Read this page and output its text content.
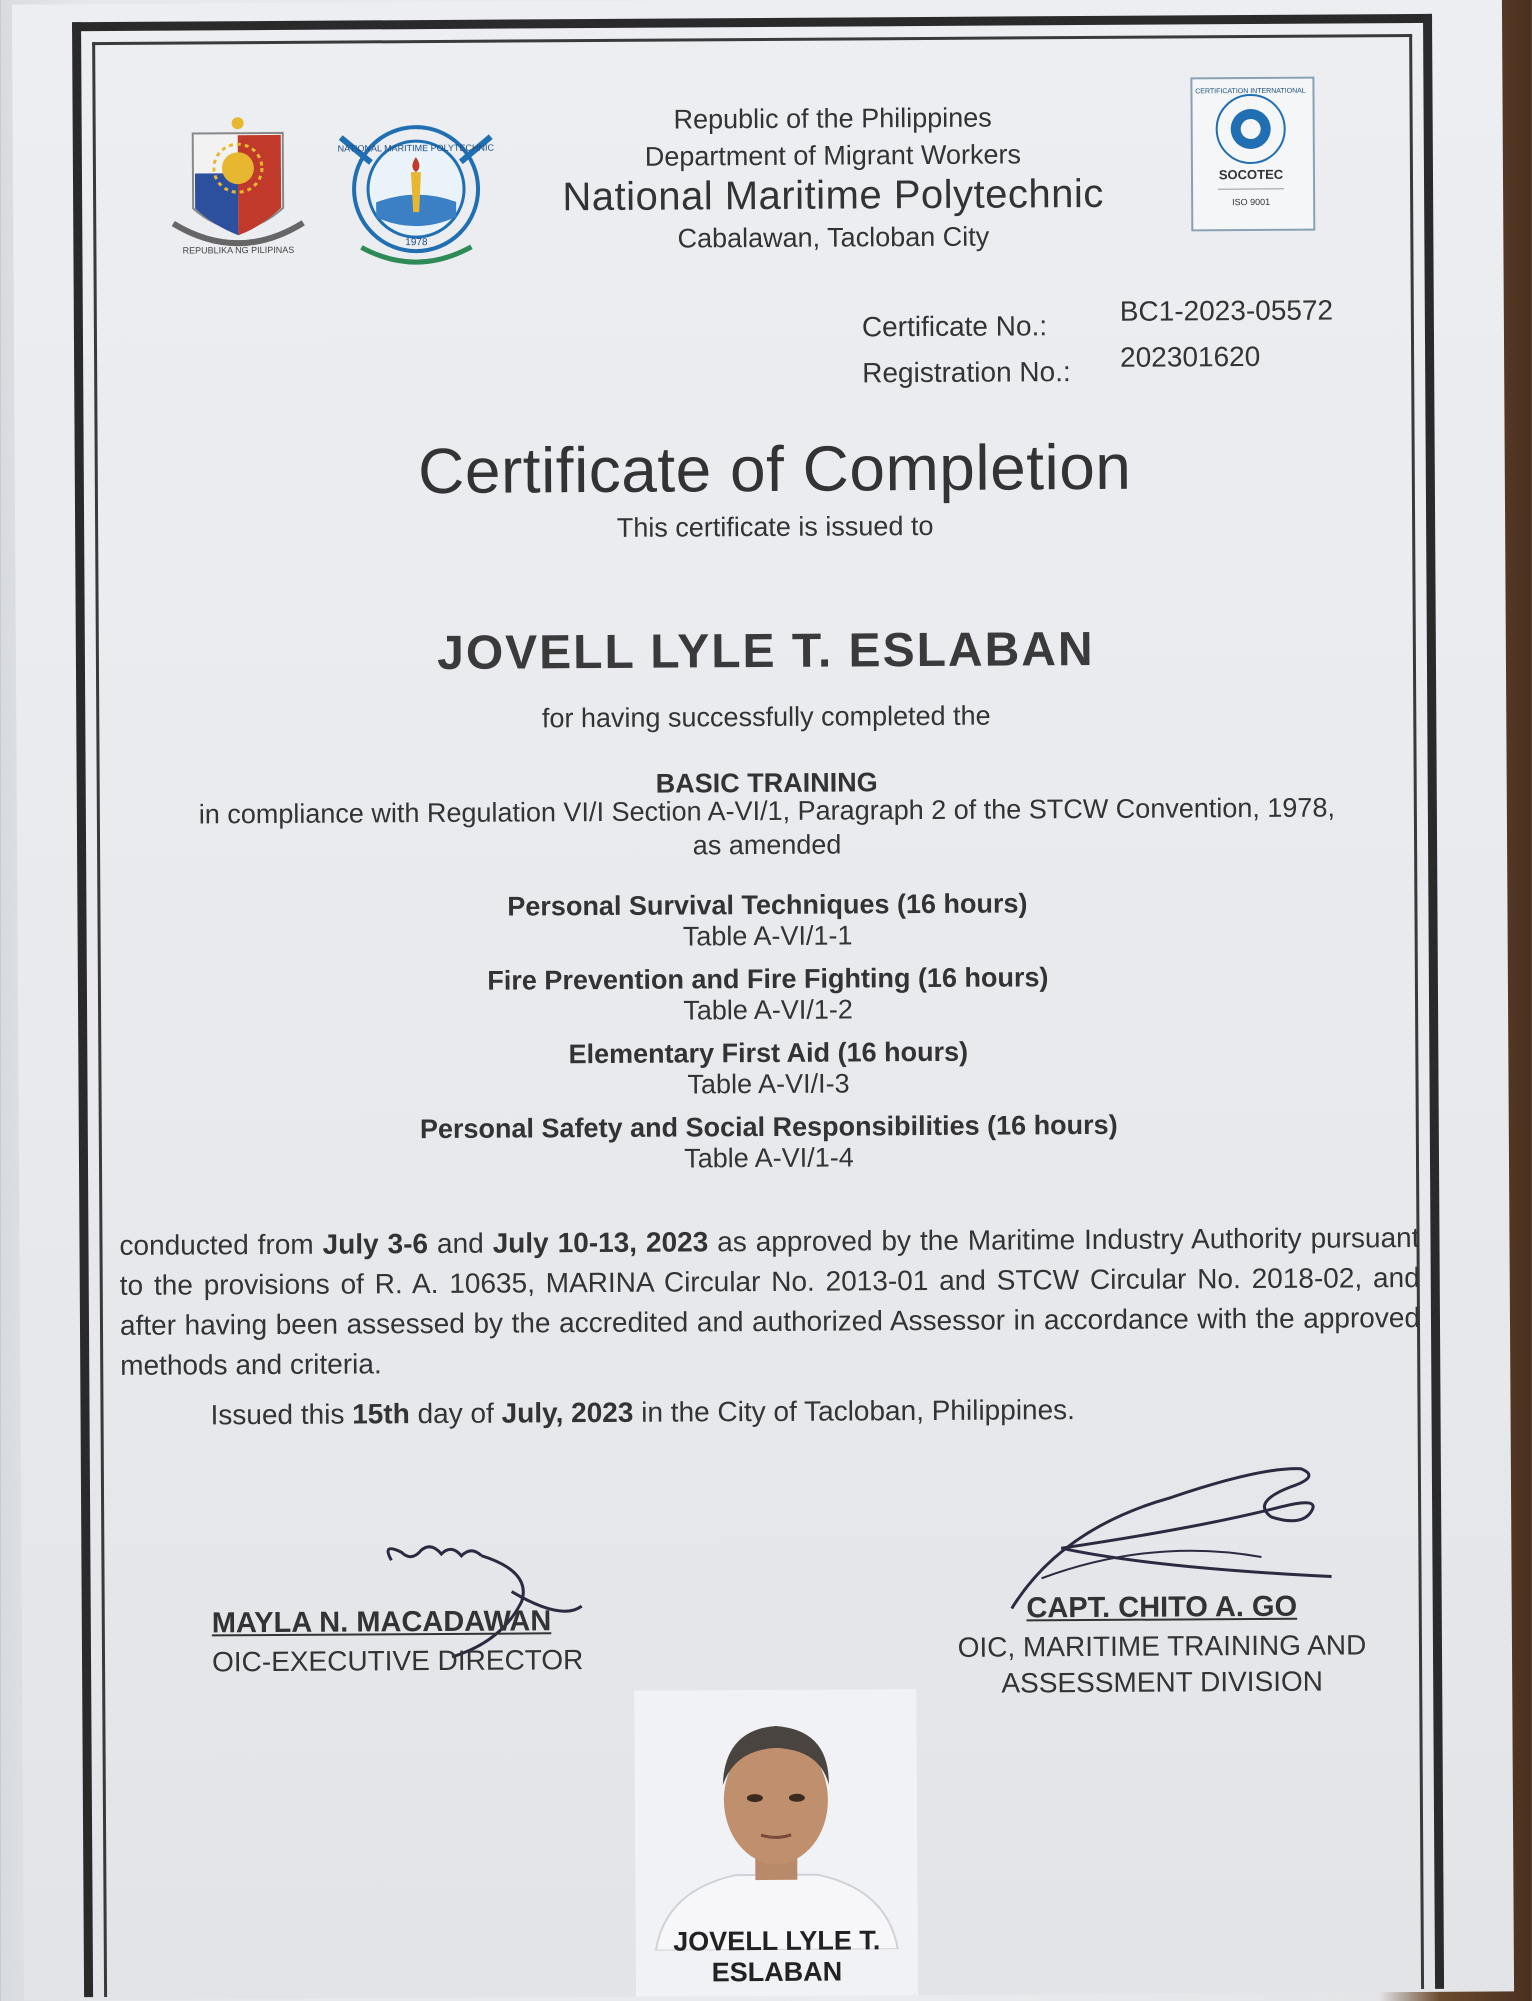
REPUBLIKA NG PILIPINAS
NATIONAL MARITIME POLYTECHNIC
1978
Republic of the Philippines
Department of Migrant Workers
National Maritime Polytechnic
Cabalawan, Tacloban City
CERTIFICATION INTERNATIONAL
SOCOTEC
ISO 9001
Certificate No.:	BC1-2023-05572
Registration No.: 202301620
Certificate of Completion
This certificate is issued to
JOVELL LYLE T. ESLABAN
for having successfully completed the
BASIC TRAINING
in compliance with Regulation VI/I Section A-VI/1, Paragraph 2 of the STCW Convention, 1978,
as amended
Personal Survival Techniques (16 hours)
Table A-VI/1-1
Fire Prevention and Fire Fighting (16 hours)
Table A-VI/1-2
Elementary First Aid (16 hours)
Table A-VI/I-3
Personal Safety and Social Responsibilities (16 hours)
Table A-VI/1-4
conducted from July 3-6 and July 10-13, 2023 as approved by the Maritime Industry Authority pursuant to the provisions of R. A. 10635, MARINA Circular No. 2013-01 and STCW Circular No. 2018-02, and after having been assessed by the accredited and authorized Assessor in accordance with the approved methods and criteria.
Issued this 15th day of July, 2023 in the City of Tacloban, Philippines.
MAYLA N. MACADAWAN
OIC-EXECUTIVE DIRECTOR
CAPT. CHITO A. GO
OIC, MARITIME TRAINING AND
ASSESSMENT DIVISION
JOVELL LYLE T. ESLABAN
